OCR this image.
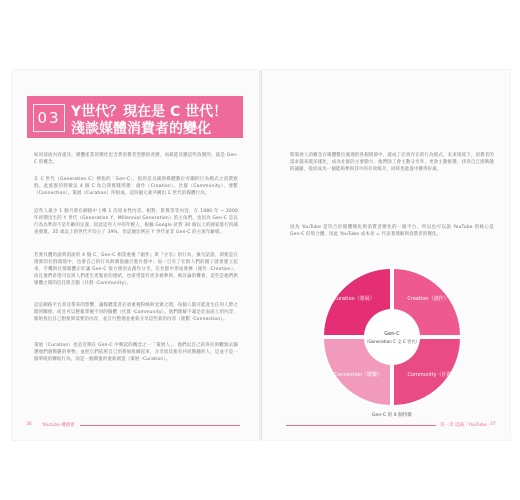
03 Y世代？現在是 C 世代！
淺談媒體消費者的變化
如同前面內容提及，媒體產業的變化也含著消費者型態的改變，而最能反應這些改變的，就是 Gen-C 的概念。
在 C 世代（Generation C）裡指的「Gen-C」，指的是具備與媒體數位有關的行為模式之消費族群。此族群的特徵以 4 個 C 為自我實踐形態：創作（Creation）、社群（Community）、連繫（Connection）、策展（Curation）所組成，這四個元素共構出 C 世代的媒體行為。
這些人最少 1 個月會在網路中上傳 1 次原本性內容。相對，影像等等內容，在 1980 年 ~ 2000 年初期出生的 Y 世代（Generation Y、Millennial Generation）的主角們，也因為 Gen-C 是以行為為準而不是年齡的定義，因此這些人中的年輕人，根據 Google 針對 30 個以上的國家進行的調查發現，35 歲以上的世代平均占了 39%，但這個比例在 Y 世代並非 Gen-C 的主流年齡層。
若要具體的說明前面的 4 個 C，Gen-C 相當重視『創作』與『分享』的行為，換句話說，即使是在現實的社群環境中，也會自己的行為與價值融合進社群中；而一旦有了社群人們的圈子就會建立起來，手機與社群媒體正好讓 Gen-C 很方便的去創作分享，在社群中形成發揮（創作 -Creation），而且他們希望可以與人們產生更緊密的連結，也希望能有更多被參與、被討論的機會，這些是他們與媒體之間的信任與互動（社群 -Community）。
這是網路平台普及帶來的影響，讓媒體業者必須重視粉絲與受眾之間，每個人都可能產生任何人際之間的關係，而且可以輕鬆掌握不同的個體（社群 -Community）。他們理解不滿足於表面上的內容，開始找出自己想要與需要的內容，並自行整理並重新分享這些新的內容（連繫 -Connection）。
策展（Curation）也是近期在 Gen-C 中興起的概念之一「策展人」，他們以自己的喜好與觀點去篩選他們感興趣的事物，並把它們依照自己的系統組織起來，分享給其他有共同興趣的人，這並不是一個單純的轉貼行為，而是一個價值的重新創造（策展 -Curation）。
36 Youtube 轉播術
將策展人的概念在媒體數位處理的各個環節中，就成了必須存在的行為模式。未來環境下，消費者的需求越來越多樣化，成為社群的主要動力，他們除了會主動分享外，更會主動挑選，找尋自己感興趣的議題，從而成為一個能夠參與其中的有效媒介，同時也能從中獲得好處。
因為 YouTube 是符合於媒體變化與消費者變化的一個平台，所以也可以說 YouTube 的核心是 Gen-C 的集合體，因此 YouTube 成本身 = 代表著理解與消費者的變化。
Gen-C
（Generation C 全 C 世代）
Creation（創作）
Community（社群）
Connection（聯繫）
Curation（策展）
Gen-C 的 4 個特徵
第一章 認識「YouTube」
37
